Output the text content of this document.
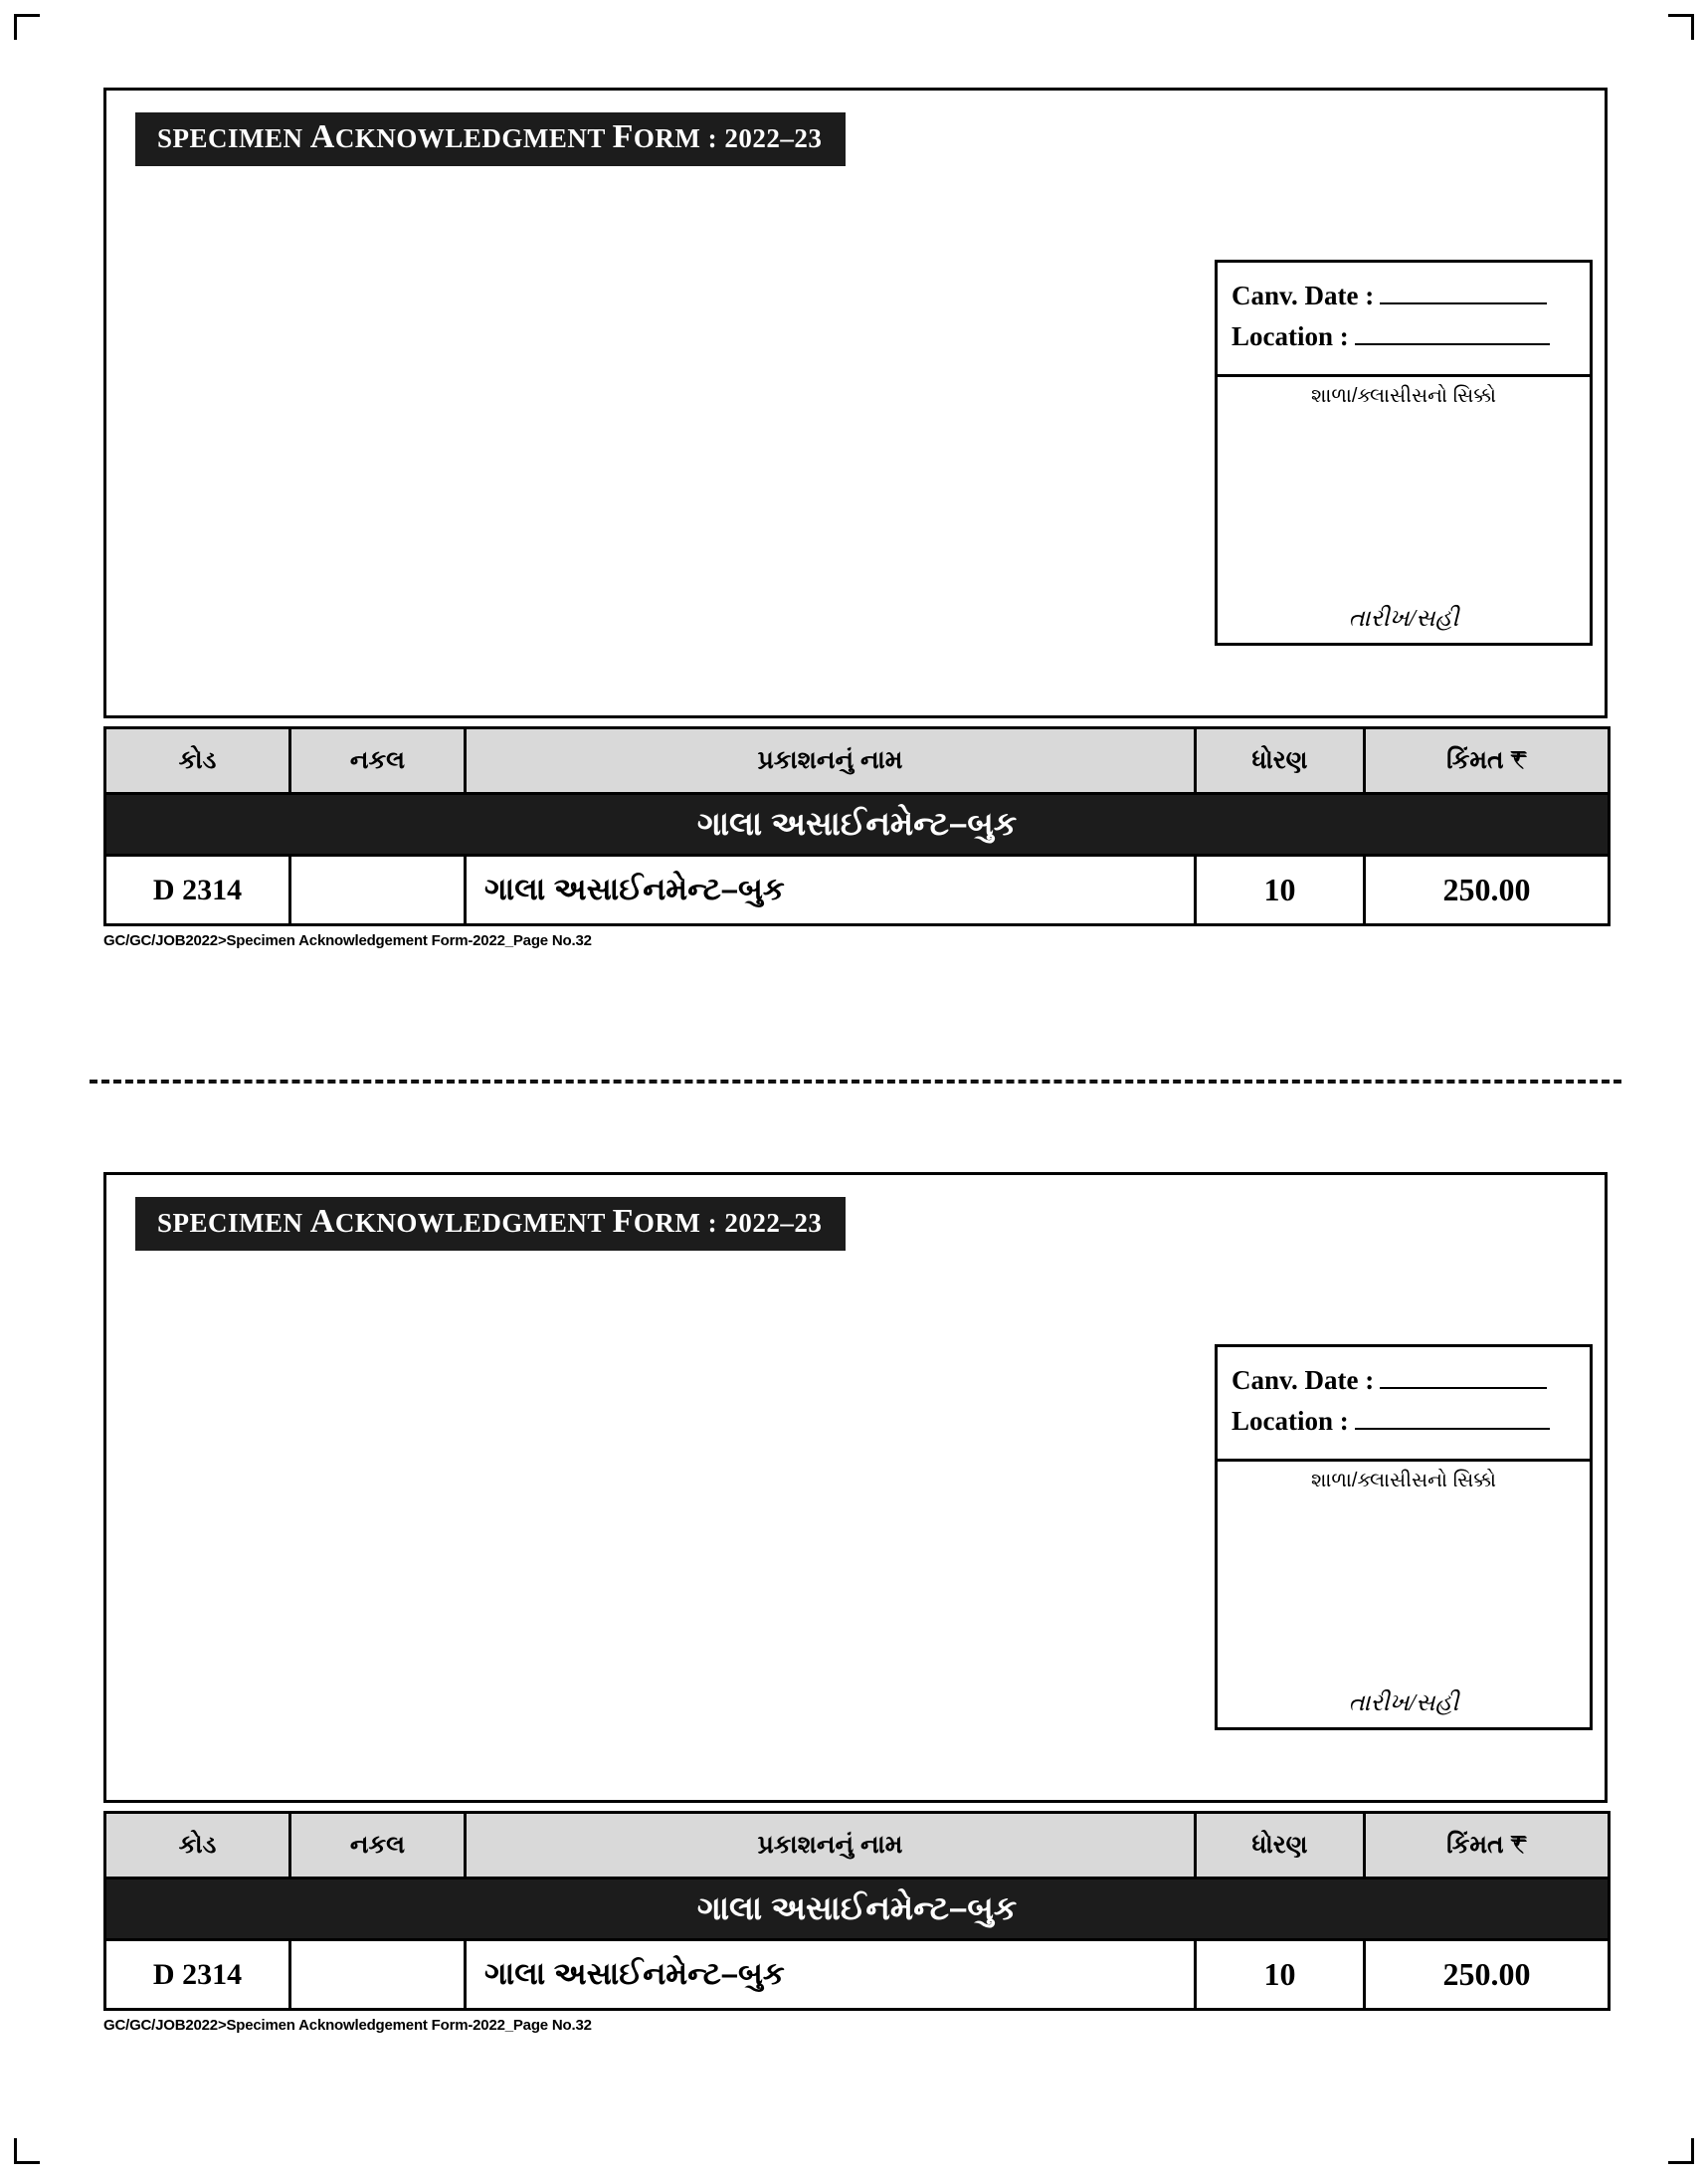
SPECIMEN ACKNOWLEDGMENT FORM : 2022–23
Canv. Date :
Location :
શાળા/ક્લાસીસનો સિક્કો
તારીખ/સહી
કોડ	નકલ	પ્રકાશનનું નામ	ધોરણ	કિંમત ₹
ગાલા અસાઈનમેન્ટ–બુક				
D 2314		ગાલા અસાઈનમેન્ટ–બુક	10	250.00
GC/GC/JOB2022>Specimen Acknowledgement Form-2022_Page No.32
SPECIMEN ACKNOWLEDGMENT FORM : 2022–23
Canv. Date :
Location :
શાળા/ક્લાસીસનો સિક્કો
તારીખ/સહી
કોડ	નકલ	પ્રકાશનનું નામ	ધોરણ	કિંમત ₹
ગાલા અસાઈનમેન્ટ–બુક				
D 2314		ગાલા અસાઈનમેન્ટ–બુક	10	250.00
GC/GC/JOB2022>Specimen Acknowledgement Form-2022_Page No.32
